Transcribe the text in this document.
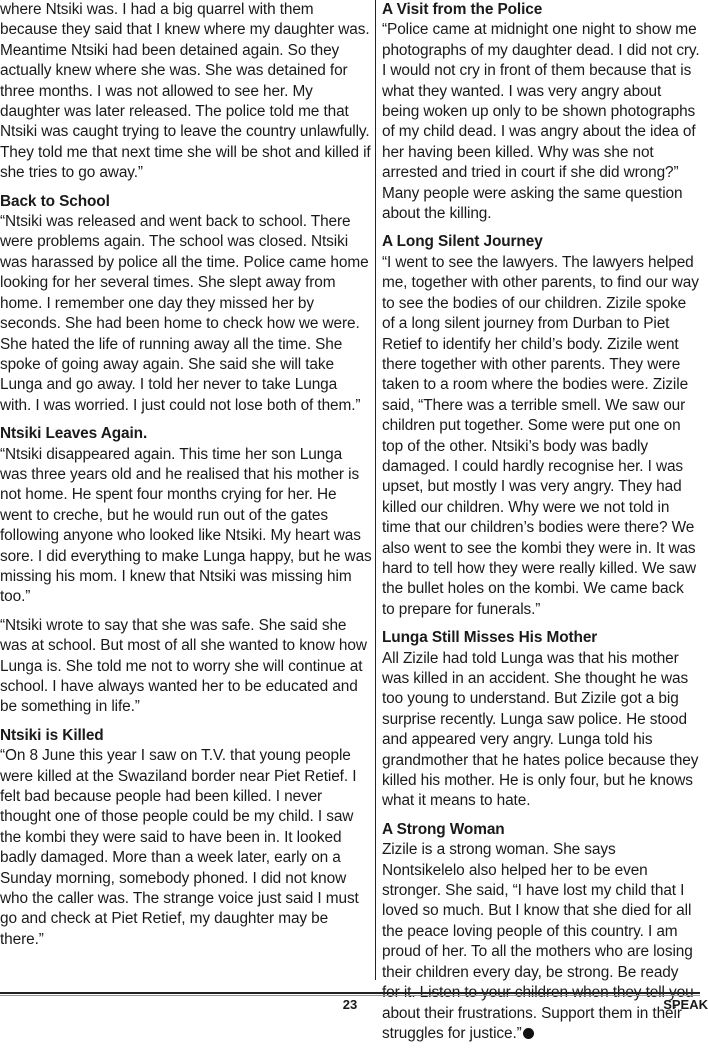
where Ntsiki was. I had a big quarrel with them because they said that I knew where my daughter was. Meantime Ntsiki had been detained again. So they actually knew where she was. She was detained for three months. I was not allowed to see her. My daughter was later released. The police told me that Ntsiki was caught trying to leave the country unlawfully. They told me that next time she will be shot and killed if she tries to go away.”

Back to School

“Ntsiki was released and went back to school. There were problems again. The school was closed. Ntsiki was harassed by police all the time. Police came home looking for her several times. She slept away from home. I remember one day they missed her by seconds. She had been home to check how we were. She hated the life of running away all the time. She spoke of going away again. She said she will take Lunga and go away. I told her never to take Lunga with. I was worried. I just could not lose both of them.”

Ntsiki Leaves Again.

“Ntsiki disappeared again. This time her son Lunga was three years old and he realised that his mother is not home. He spent four months crying for her. He went to creche, but he would run out of the gates following anyone who looked like Ntsiki. My heart was sore. I did everything to make Lunga happy, but he was missing his mom. I knew that Ntsiki was missing him too.”

“Ntsiki wrote to say that she was safe. She said she was at school. But most of all she wanted to know how Lunga is. She told me not to worry she will continue at school. I have always wanted her to be educated and be something in life.”

Ntsiki is Killed

“On 8 June this year I saw on T.V. that young people were killed at the Swaziland border near Piet Retief. I felt bad because people had been killed. I never thought one of those people could be my child. I saw the kombi they were said to have been in. It looked badly damaged. More than a week later, early on a Sunday morning, somebody phoned. I did not know who the caller was. The strange voice just said I must go and check at Piet Retief, my daughter may be there.”

A Visit from the Police

“Police came at midnight one night to show me photographs of my daughter dead. I did not cry. I would not cry in front of them because that is what they wanted. I was very angry about being woken up only to be shown photographs of my child dead. I was angry about the idea of her having been killed. Why was she not arrested and tried in court if she did wrong?” Many people were asking the same question about the killing.

A Long Silent Journey

“I went to see the lawyers. The lawyers helped me, together with other parents, to find our way to see the bodies of our children. Zizile spoke of a long silent journey from Durban to Piet Retief to identify her child’s body. Zizile went there together with other parents. They were taken to a room where the bodies were. Zizile said, “There was a terrible smell. We saw our children put together. Some were put one on top of the other. Ntsiki’s body was badly damaged. I could hardly recognise her. I was upset, but mostly I was very angry. They had killed our children. Why were we not told in time that our children’s bodies were there? We also went to see the kombi they were in. It was hard to tell how they were really killed. We saw the bullet holes on the kombi. We came back to prepare for funerals.”

Lunga Still Misses His Mother

All Zizile had told Lunga was that his mother was killed in an accident. She thought he was too young to understand. But Zizile got a big surprise recently. Lunga saw police. He stood and appeared very angry. Lunga told his grandmother that he hates police because they killed his mother. He is only four, but he knows what it means to hate.

A Strong Woman

Zizile is a strong woman. She says Nontsikelelo also helped her to be even stronger. She said, “I have lost my child that I loved so much. But I know that she died for all the peace loving people of this country. I am proud of her. To all the mothers who are losing their children every day, be strong. Be ready about their frustrations. Support them in their struggles for justice.”

23	SPEAK
